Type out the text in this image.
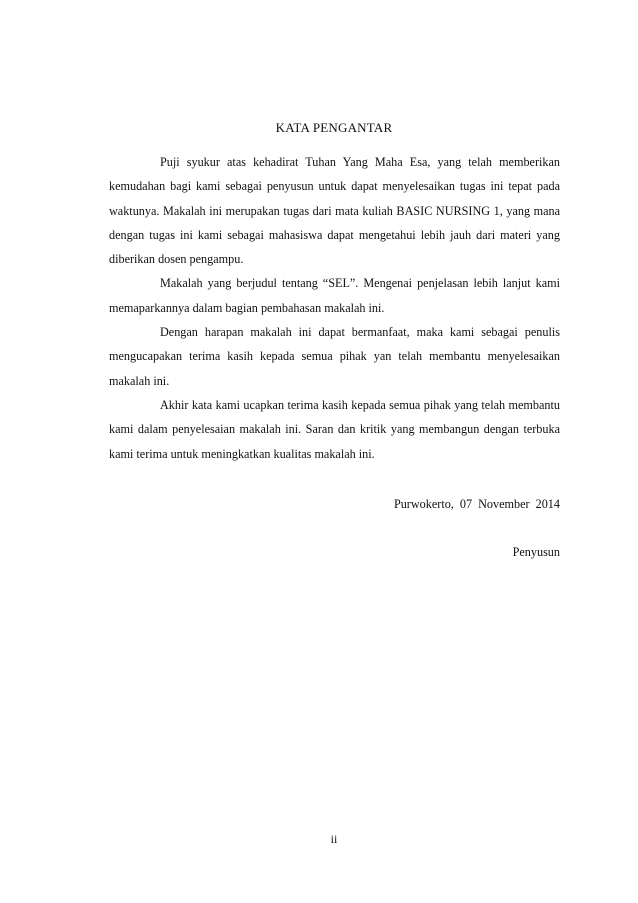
KATA PENGANTAR

Puji syukur atas kehadirat Tuhan Yang Maha Esa, yang telah memberikan kemudahan bagi kami sebagai penyusun untuk dapat menyelesaikan tugas ini tepat pada waktunya. Makalah ini merupakan tugas dari mata kuliah BASIC NURSING 1, yang mana dengan tugas ini kami sebagai mahasiswa dapat mengetahui lebih jauh dari materi yang diberikan dosen pengampu.

Makalah yang berjudul tentang “SEL”. Mengenai penjelasan lebih lanjut kami memaparkannya dalam bagian pembahasan makalah ini.

Dengan harapan makalah ini dapat bermanfaat, maka kami sebagai penulis mengucapakan terima kasih kepada semua pihak yan telah membantu menyelesaikan makalah ini.

Akhir kata kami ucapkan terima kasih kepada semua pihak yang telah membantu kami dalam penyelesaian makalah ini. Saran dan kritik yang membangun dengan terbuka kami terima untuk meningkatkan kualitas makalah ini.

Purwokerto, 07 November 2014
Penyusun
ii
